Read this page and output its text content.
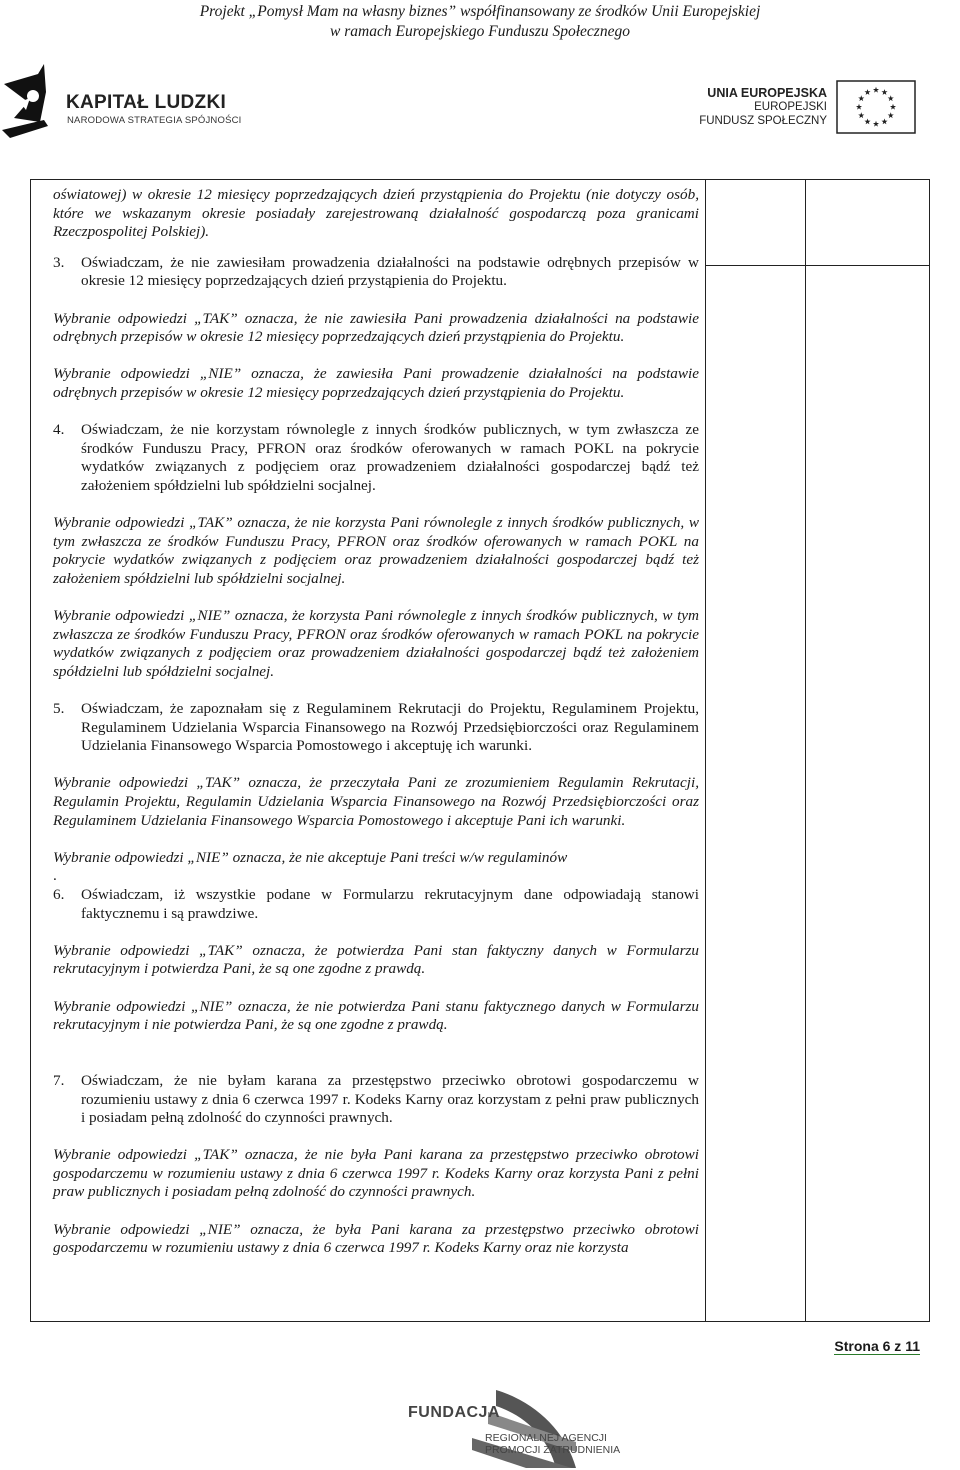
Projekt „Pomysł Mam na własny biznes” współfinansowany ze środków Unii Europejskiej
w ramach Europejskiego Funduszu Społecznego
KAPITAŁ LUDZKI
NARODOWA STRATEGIA SPÓJNOŚCI
UNIA EUROPEJSKA
EUROPEJSKI
FUNDUSZ SPOŁECZNY

oświatowej) w okresie 12 miesięcy poprzedzających dzień przystąpienia do Projektu (nie dotyczy osób, które we wskazanym okresie posiadały zarejestrowaną działalność gospodarczą poza granicami Rzeczpospolitej Polskiej).

3. Oświadczam, że nie zawiesiłam prowadzenia działalności na podstawie odrębnych przepisów w okresie 12 miesięcy poprzedzających dzień przystąpienia do Projektu.

Wybranie odpowiedzi „TAK” oznacza, że nie zawiesiła Pani prowadzenia działalności na podstawie odrębnych przepisów w okresie 12 miesięcy poprzedzających dzień przystąpienia do Projektu.

Wybranie odpowiedzi „NIE” oznacza, że zawiesiła Pani prowadzenie działalności na podstawie odrębnych przepisów w okresie 12 miesięcy poprzedzających dzień przystąpienia do Projektu.

4. Oświadczam, że nie korzystam równolegle z innych środków publicznych, w tym zwłaszcza ze środków Funduszu Pracy, PFRON oraz środków oferowanych w ramach POKL na pokrycie wydatków związanych z podjęciem oraz prowadzeniem działalności gospodarczej bądź też założeniem spółdzielni lub spółdzielni socjalnej.

Wybranie odpowiedzi „TAK” oznacza, że nie korzysta Pani równolegle z innych środków publicznych, w tym zwłaszcza ze środków Funduszu Pracy, PFRON oraz środków oferowanych w ramach POKL na pokrycie wydatków związanych z podjęciem oraz prowadzeniem działalności gospodarczej bądź też założeniem spółdzielni lub spółdzielni socjalnej.

Wybranie odpowiedzi „NIE” oznacza, że korzysta Pani równolegle z innych środków publicznych, w tym zwłaszcza ze środków Funduszu Pracy, PFRON oraz środków oferowanych w ramach POKL na pokrycie wydatków związanych z podjęciem oraz prowadzeniem działalności gospodarczej bądź też założeniem spółdzielni lub spółdzielni socjalnej.

5. Oświadczam, że zapoznałam się z Regulaminem Rekrutacji do Projektu, Regulaminem Projektu, Regulaminem Udzielania Wsparcia Finansowego na Rozwój Przedsiębiorczości oraz Regulaminem Udzielania Finansowego Wsparcia Pomostowego i akceptuję ich warunki.

Wybranie odpowiedzi „TAK” oznacza, że przeczytała Pani ze zrozumieniem Regulamin Rekrutacji, Regulamin Projektu, Regulamin Udzielania Wsparcia Finansowego na Rozwój Przedsiębiorczości oraz Regulaminem Udzielania Finansowego Wsparcia Pomostowego i akceptuje Pani ich warunki.

Wybranie odpowiedzi „NIE” oznacza, że nie akceptuje Pani treści w/w regulaminów

.

6. Oświadczam, iż wszystkie podane w Formularzu rekrutacyjnym dane odpowiadają stanowi faktycznemu i są prawdziwe.

Wybranie odpowiedzi „TAK” oznacza, że potwierdza Pani stan faktyczny danych w Formularzu rekrutacyjnym i potwierdza Pani, że są one zgodne z prawdą.

Wybranie odpowiedzi „NIE” oznacza, że nie potwierdza Pani stanu faktycznego danych w Formularzu rekrutacyjnym i nie potwierdza Pani, że są one zgodne z prawdą.

7. Oświadczam, że nie byłam karana za przestępstwo przeciwko obrotowi gospodarczemu w rozumieniu ustawy z dnia 6 czerwca 1997 r. Kodeks Karny oraz korzystam z pełni praw publicznych i posiadam pełną zdolność do czynności prawnych.

Wybranie odpowiedzi „TAK” oznacza, że nie była Pani karana za przestępstwo przeciwko obrotowi gospodarczemu w rozumieniu ustawy z dnia 6 czerwca 1997 r. Kodeks Karny oraz korzysta Pani z pełni praw publicznych i posiadam pełną zdolność do czynności prawnych.

Wybranie odpowiedzi „NIE” oznacza, że była Pani karana za przestępstwo przeciwko obrotowi gospodarczemu w rozumieniu ustawy z dnia 6 czerwca 1997 r. Kodeks Karny oraz nie korzysta

Strona 6 z 11
FUNDACJA
REGIONALNEJ AGENCJI
PROMOCJI ZATRUDNIENIA
